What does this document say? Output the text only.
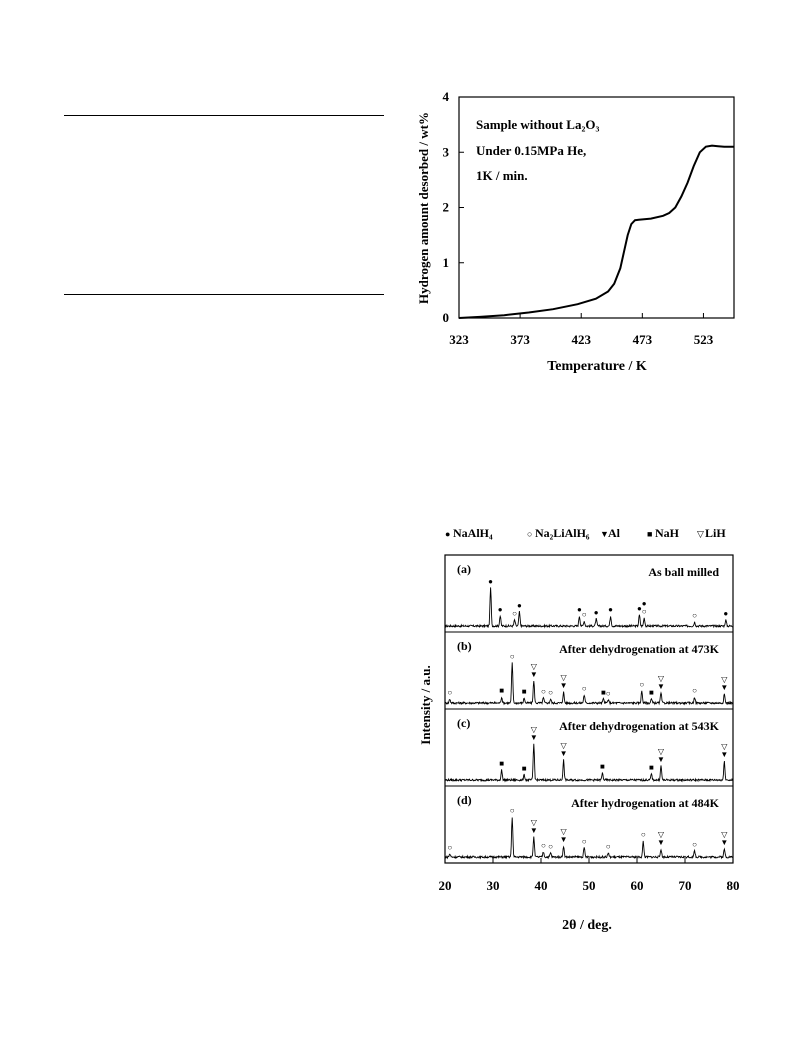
323	373	423	473	523
0
1
2
3
4
Sample without La₂O₃
Under 0.15MPa He,
1K / min.
Temperature / K
Hydrogen amount desorbed / wt%
● NaAlH₄	○ Na₂LiAlH₆ ▼ Al	■ NaH ▽ LiH
(a)	As ball milled
●
● ○
●	●
○ ● ●	● ○
●
○	●
(b)	After dehydrogenation at 473K
○	■
○
■
▼
▽
○ ○
▼
▽
○ ■ ○
○
■
▼
▽
○	▼
▽
(c)	After dehydrogenation at 543K
■
■
▼
▽
▼
▽
■	■
▼
▽	▼
▽
(d)	After hydrogenation at 484K
○
○
▼
▽
○ ○
▼
▽
○
○
○
▼
▽
○	▼
▽
20	30	40	50	60	70	80
2θ / deg.
Intensity / a.u.
